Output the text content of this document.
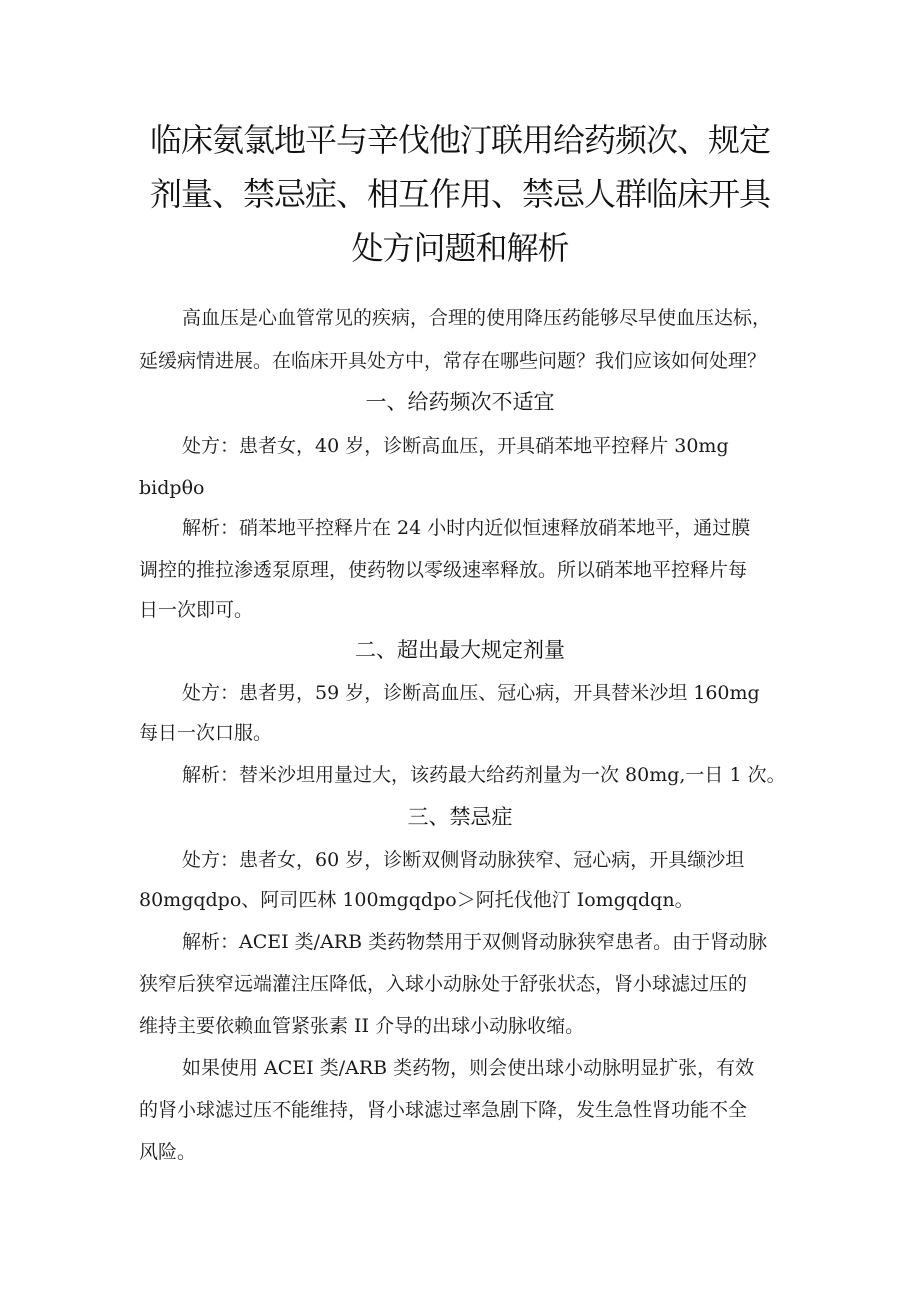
临床氨氯地平与辛伐他汀联用给药频次、规定剂量、禁忌症、相互作用、禁忌人群临床开具处方问题和解析

高血压是心血管常见的疾病，合理的使用降压药能够尽早使血压达标，

延缓病情进展。在临床开具处方中，常存在哪些问题？我们应该如何处理？

一、给药频次不适宜

处方：患者女，40 岁，诊断高血压，开具硝苯地平控释片 30mg

bidpθo

解析：硝苯地平控释片在 24 小时内近似恒速释放硝苯地平，通过膜

调控的推拉渗透泵原理，使药物以零级速率释放。所以硝苯地平控释片每

日一次即可。

二、超出最大规定剂量

处方：患者男，59 岁，诊断高血压、冠心病，开具替米沙坦 160mg

每日一次口服。

解析：替米沙坦用量过大，该药最大给药剂量为一次 80mg,一日 1 次。

三、禁忌症

处方：患者女，60 岁，诊断双侧肾动脉狭窄、冠心病，开具缬沙坦

80mgqdpo、阿司匹林 100mgqdpo＞阿托伐他汀 Iomgqdqn。

解析：ACEI 类/ARB 类药物禁用于双侧肾动脉狭窄患者。由于肾动脉

狭窄后狭窄远端灌注压降低，入球小动脉处于舒张状态，肾小球滤过压的

维持主要依赖血管紧张素 II 介导的出球小动脉收缩。

如果使用 ACEI 类/ARB 类药物，则会使出球小动脉明显扩张，有效

的肾小球滤过压不能维持，肾小球滤过率急剧下降，发生急性肾功能不全

风险。
